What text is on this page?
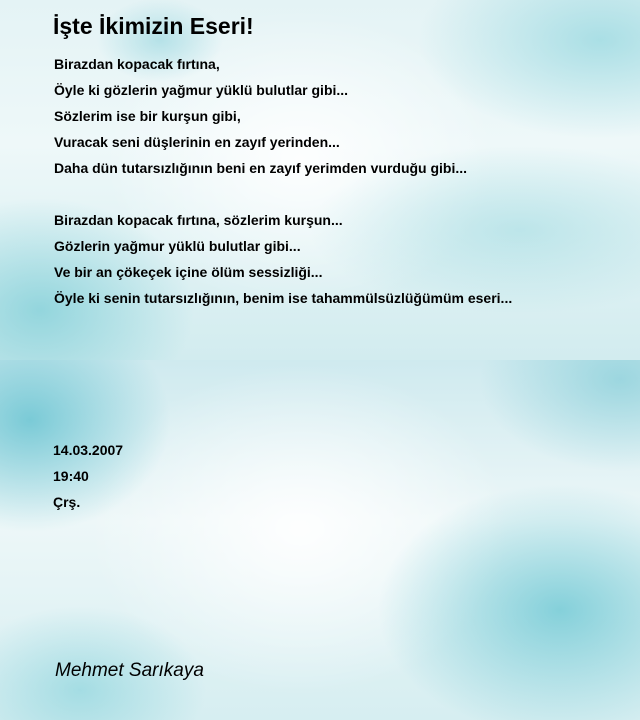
İşte İkimizin Eseri!
Birazdan kopacak fırtına,
Öyle ki gözlerin yağmur yüklü bulutlar gibi...
Sözlerim ise bir kurşun gibi,
Vuracak seni düşlerinin en zayıf yerinden...
Daha dün tutarsızlığının beni en zayıf yerimden vurduğu gibi...
Birazdan kopacak fırtına, sözlerim kurşun...
Gözlerin yağmur yüklü bulutlar gibi...
Ve bir an çökeçek içine ölüm sessizliği...
Öyle ki senin tutarsızlığının, benim ise tahammülsüzlüğümüm eseri...
14.03.2007
19:40
Çrş.
Mehmet Sarıkaya
